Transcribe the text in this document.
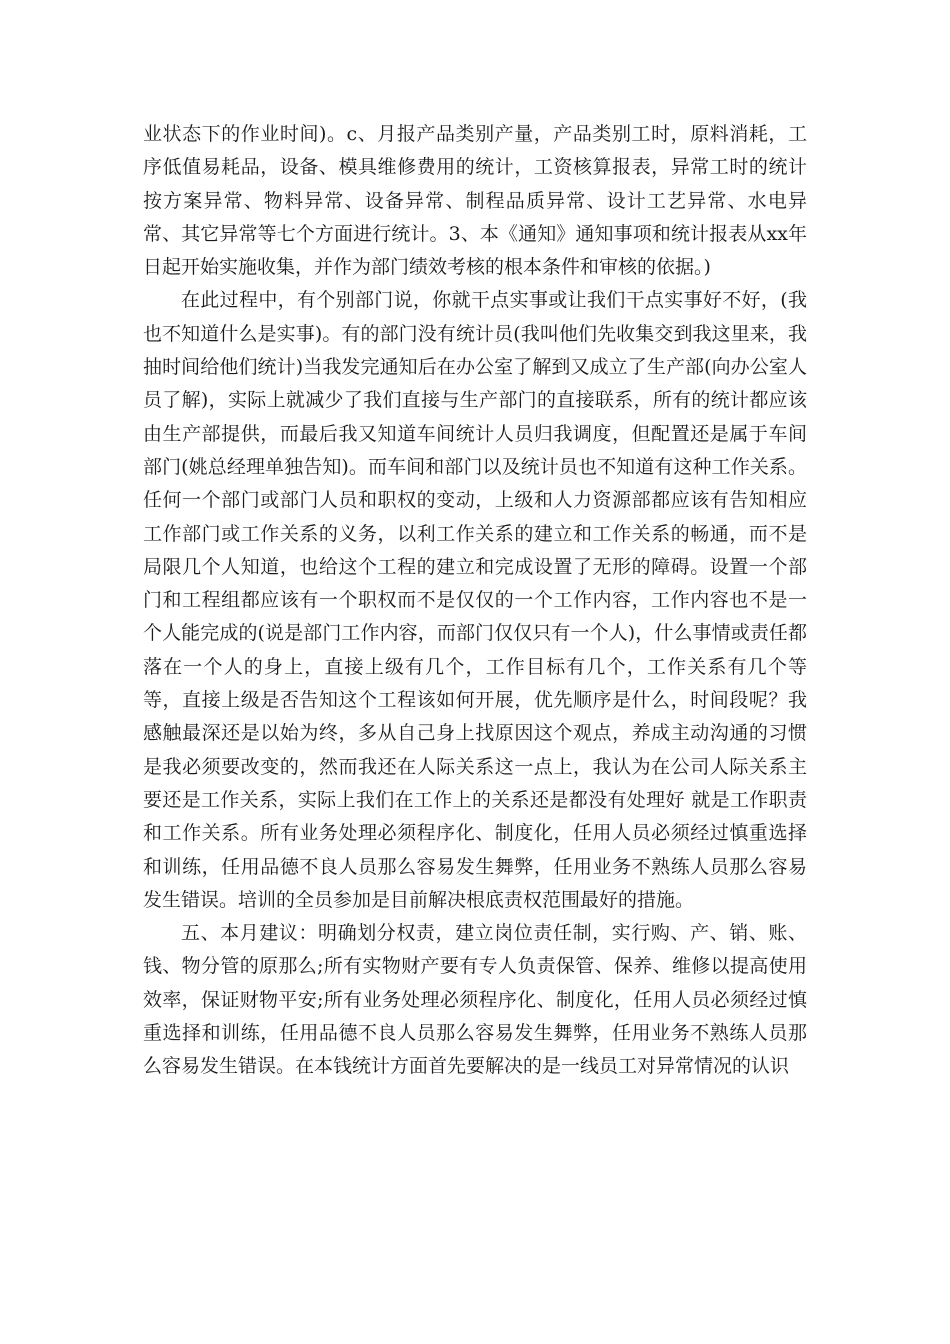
业状态下的作业时间)。c、月报产品类别产量，产品类别工时，原料消耗，工序低值易耗品，设备、模具维修费用的统计，工资核算报表，异常工时的统计按方案异常、物料异常、设备异常、制程品质异常、设计工艺异常、水电异常、其它异常等七个方面进行统计。3、本《通知》通知事项和统计报表从xx年日起开始实施收集，并作为部门绩效考核的根本条件和审核的依据。)

在此过程中，有个别部门说，你就干点实事或让我们干点实事好不好，(我也不知道什么是实事)。有的部门没有统计员(我叫他们先收集交到我这里来，我抽时间给他们统计)当我发完通知后在办公室了解到又成立了生产部(向办公室人员了解)，实际上就减少了我们直接与生产部门的直接联系，所有的统计都应该由生产部提供，而最后我又知道车间统计人员归我调度，但配置还是属于车间部门(姚总经理单独告知)。而车间和部门以及统计员也不知道有这种工作关系。任何一个部门或部门人员和职权的变动，上级和人力资源部都应该有告知相应工作部门或工作关系的义务，以利工作关系的建立和工作关系的畅通，而不是局限几个人知道，也给这个工程的建立和完成设置了无形的障碍。设置一个部门和工程组都应该有一个职权而不是仅仅的一个工作内容，工作内容也不是一个人能完成的(说是部门工作内容，而部门仅仅只有一个人)，什么事情或责任都落在一个人的身上，直接上级有几个，工作目标有几个，工作关系有几个等等，直接上级是否告知这个工程该如何开展，优先顺序是什么，时间段呢？我感触最深还是以始为终，多从自己身上找原因这个观点，养成主动沟通的习惯是我必须要改变的，然而我还在人际关系这一点上，我认为在公司人际关系主要还是工作关系，实际上我们在工作上的关系还是都没有处理好 就是工作职责和工作关系。所有业务处理必须程序化、制度化，任用人员必须经过慎重选择和训练，任用品德不良人员那么容易发生舞弊，任用业务不熟练人员那么容易发生错误。培训的全员参加是目前解决根底责权范围最好的措施。

五、本月建议：明确划分权责，建立岗位责任制，实行购、产、销、账、钱、物分管的原那么;所有实物财产要有专人负责保管、保养、维修以提高使用效率，保证财物平安;所有业务处理必须程序化、制度化，任用人员必须经过慎重选择和训练，任用品德不良人员那么容易发生舞弊，任用业务不熟练人员那么容易发生错误。在本钱统计方面首先要解决的是一线员工对异常情况的认识
